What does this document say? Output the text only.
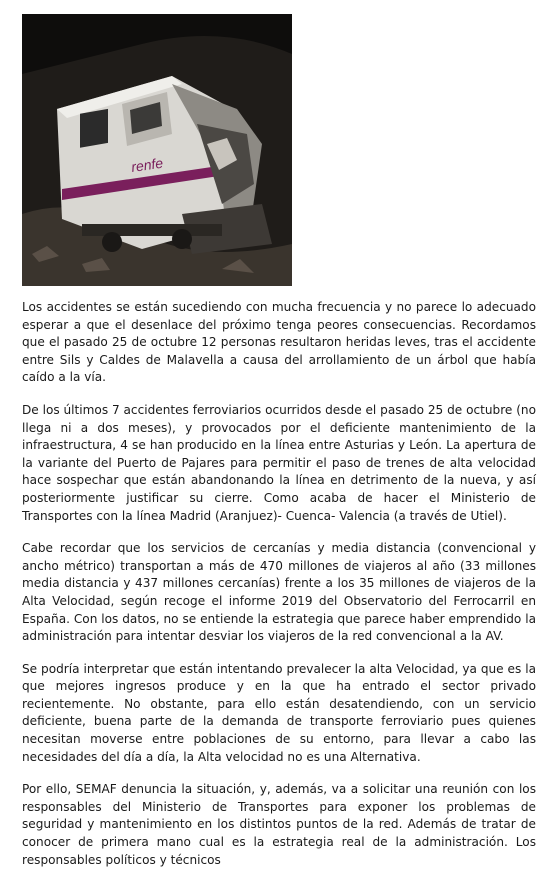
renfe

Los accidentes se están sucediendo con mucha frecuencia y no parece lo adecuado esperar a que el desenlace del próximo tenga peores consecuencias. Recordamos que el pasado 25 de octubre 12 personas resultaron heridas leves, tras el accidente entre Sils y Caldes de Malavella a causa del arrollamiento de un árbol que había caído a la vía.

De los últimos 7 accidentes ferroviarios ocurridos desde el pasado 25 de octubre (no llega ni a dos meses), y provocados por el deficiente mantenimiento de la infraestructura, 4 se han producido en la línea entre Asturias y León. La apertura de la variante del Puerto de Pajares para permitir el paso de trenes de alta velocidad hace sospechar que están abandonando la línea en detrimento de la nueva, y así posteriormente justificar su cierre. Como acaba de hacer el Ministerio de Transportes con la línea Madrid (Aranjuez)- Cuenca- Valencia (a través de Utiel).

Cabe recordar que los servicios de cercanías y media distancia (convencional y ancho métrico) transportan a más de 470 millones de viajeros al año (33 millones media distancia y 437 millones cercanías) frente a los 35 millones de viajeros de la Alta Velocidad, según recoge el informe 2019 del Observatorio del Ferrocarril en España. Con los datos, no se entiende la estrategia que parece haber emprendido la administración para intentar desviar los viajeros de la red convencional a la AV.

Se podría interpretar que están intentando prevalecer la alta Velocidad, ya que es la que mejores ingresos produce y en la que ha entrado el sector privado recientemente. No obstante, para ello están desatendiendo, con un servicio deficiente, buena parte de la demanda de transporte ferroviario pues quienes necesitan moverse entre poblaciones de su entorno, para llevar a cabo las necesidades del día a día, la Alta velocidad no es una Alternativa.

Por ello, SEMAF denuncia la situación, y, además, va a solicitar una reunión con los responsables del Ministerio de Transportes para exponer los problemas de seguridad y mantenimiento en los distintos puntos de la red. Además de tratar de conocer de primera mano cual es la estrategia real de la administración. Los responsables políticos y técnicos
